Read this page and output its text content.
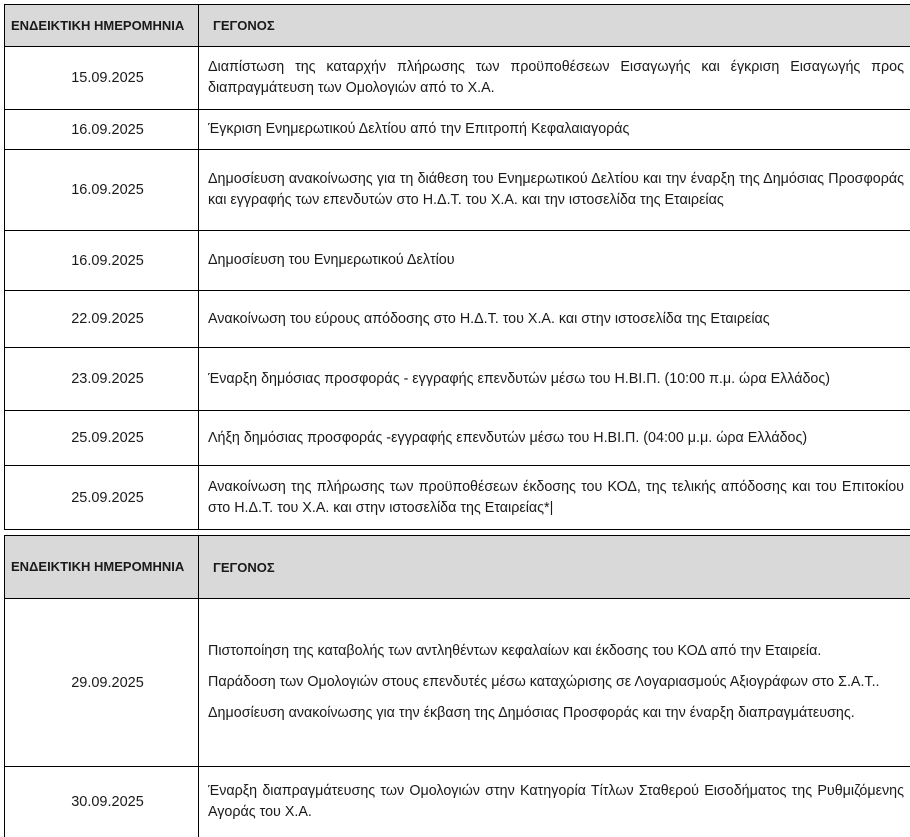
ΕΝΔΕΙΚΤΙΚΗ ΗΜΕΡΟΜΗΝΙΑ	ΓΕΓΟΝΟΣ
15.09.2025	Διαπίστωση της καταρχήν πλήρωσης των προϋποθέσεων Εισαγωγής και έγκριση Εισαγωγής προς διαπραγμάτευση των Ομολογιών από το Χ.Α.
16.09.2025	Έγκριση Ενημερωτικού Δελτίου από την Επιτροπή Κεφαλαιαγοράς
16.09.2025	Δημοσίευση ανακοίνωσης για τη διάθεση του Ενημερωτικού Δελτίου και την έναρξη της Δημόσιας Προσφοράς και εγγραφής των επενδυτών στο Η.Δ.Τ. του Χ.Α. και την ιστοσελίδα της Εταιρείας
16.09.2025	Δημοσίευση του Ενημερωτικού Δελτίου
22.09.2025	Ανακοίνωση του εύρους απόδοσης στο Η.Δ.Τ. του Χ.Α. και στην ιστοσελίδα της Εταιρείας
23.09.2025	Έναρξη δημόσιας προσφοράς - εγγραφής επενδυτών μέσω του Η.ΒΙ.Π. (10:00 π.μ. ώρα Ελλάδος)
25.09.2025	Λήξη δημόσιας προσφοράς -εγγραφής επενδυτών μέσω του Η.ΒΙ.Π. (04:00 μ.μ. ώρα Ελλάδος)
25.09.2025	Ανακοίνωση της πλήρωσης των προϋποθέσεων έκδοσης του ΚΟΔ, της τελικής απόδοσης και του Επιτοκίου στο Η.Δ.Τ. του Χ.Α. και στην ιστοσελίδα της Εταιρείας*|
ΕΝΔΕΙΚΤΙΚΗ ΗΜΕΡΟΜΗΝΙΑ	ΓΕΓΟΝΟΣ
29.09.2025	Πιστοποίηση της καταβολής των αντληθέντων κεφαλαίων και έκδοσης του ΚΟΔ από την Εταιρεία.

Παράδοση των Ομολογιών στους επενδυτές μέσω καταχώρισης σε Λογαριασμούς Αξιογράφων στο Σ.Α.Τ..

Δημοσίευση ανακοίνωσης για την έκβαση της Δημόσιας Προσφοράς και την έναρξη διαπραγμάτευσης.

30.09.2025	Έναρξη διαπραγμάτευσης των Ομολογιών στην Κατηγορία Τίτλων Σταθερού Εισοδήματος της Ρυθμιζόμενης Αγοράς του Χ.Α.
